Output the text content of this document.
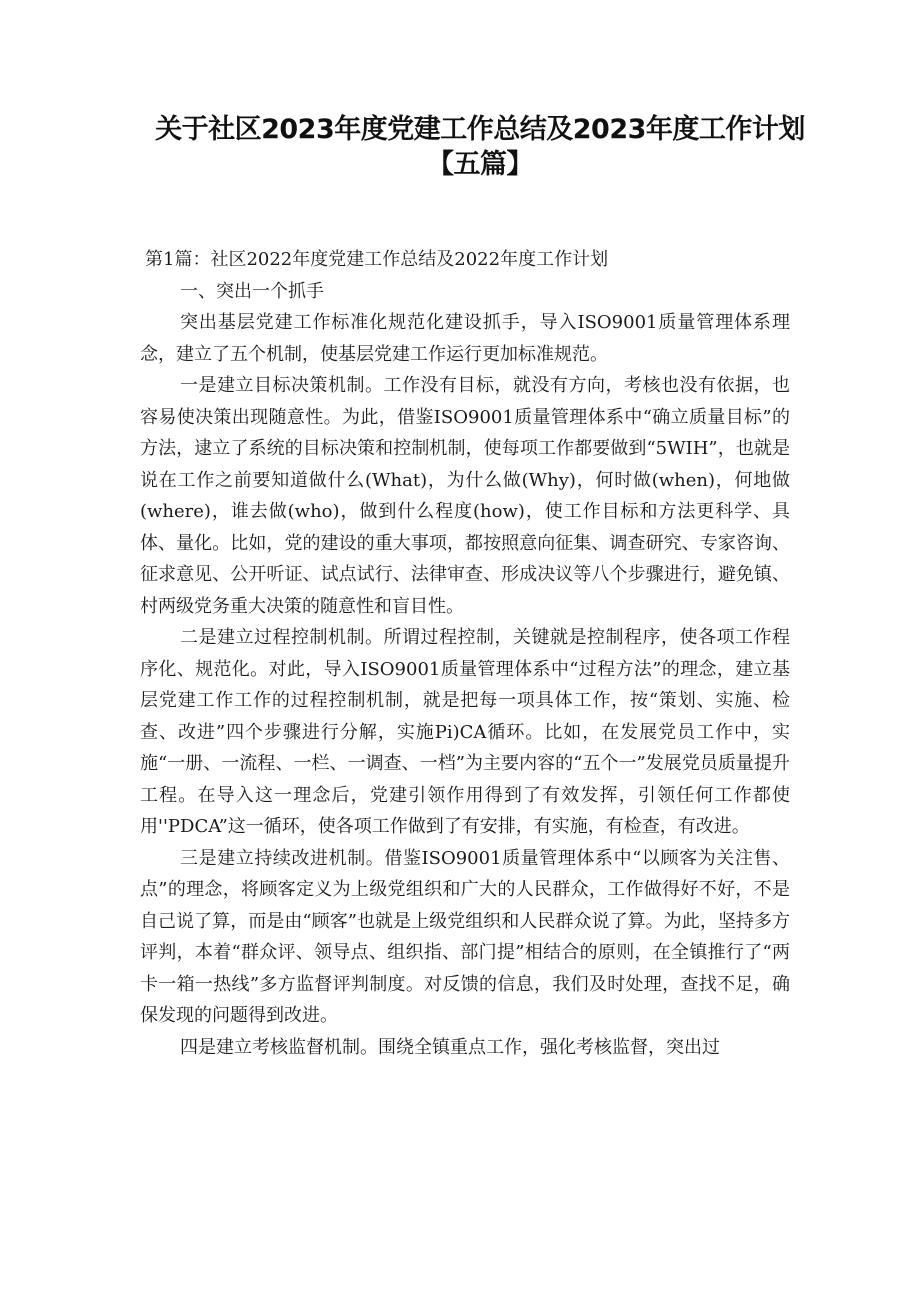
关于社区2023年度党建工作总结及2023年度工作计划
【五篇】

第1篇：社区2022年度党建工作总结及2022年度工作计划

一、突出一个抓手

突出基层党建工作标准化规范化建设抓手，导入ISO9001质量管理体系理念，建立了五个机制，使基层党建工作运行更加标准规范。

一是建立目标决策机制。工作没有目标，就没有方向，考核也没有依据，也容易使决策出现随意性。为此，借鉴ISO9001质量管理体系中“确立质量目标”的方法，逮立了系统的目标决策和控制机制，使每项工作都要做到“5WIH”，也就是说在工作之前要知道做什么(What)，为什么做(Why)，何时做(when)，何地做(where)，谁去做(who)，做到什么程度(how)，使工作目标和方法更科学、具体、量化。比如，党的建设的重大事项，都按照意向征集、调查研究、专家咨询、征求意见、公开听证、试点试行、法律审查、形成决议等八个步骤进行，避免镇、村两级党务重大决策的随意性和盲目性。

二是建立过程控制机制。所谓过程控制，关键就是控制程序，使各项工作程序化、规范化。对此，导入ISO9001质量管理体系中“过程方法”的理念，建立基层党建工作工作的过程控制机制，就是把每一项具体工作，按“策划、实施、检查、改进”四个步骤进行分解，实施Pi)CA循环。比如，在发展党员工作中，实施“一册、一流程、一栏、一调查、一档”为主要内容的“五个一”发展党员质量提升工程。在导入这一理念后，党建引领作用得到了有效发挥，引领任何工作都使用''PDCA”这一循环，使各项工作做到了有安排，有实施，有检查，有改进。

三是建立持续改进机制。借鉴ISO9001质量管理体系中“以顾客为关注售、点”的理念，将顾客定义为上级党组织和广大的人民群众，工作做得好不好，不是自己说了算，而是由“顾客”也就是上级党组织和人民群众说了算。为此，坚持多方评判，本着“群众评、领导点、组织指、部门提”相结合的原则，在全镇推行了“两卡一箱一热线”多方监督评判制度。对反馈的信息，我们及时处理，查找不足，确保发现的问题得到改进。

四是建立考核监督机制。围绕全镇重点工作，强化考核监督，突出过
